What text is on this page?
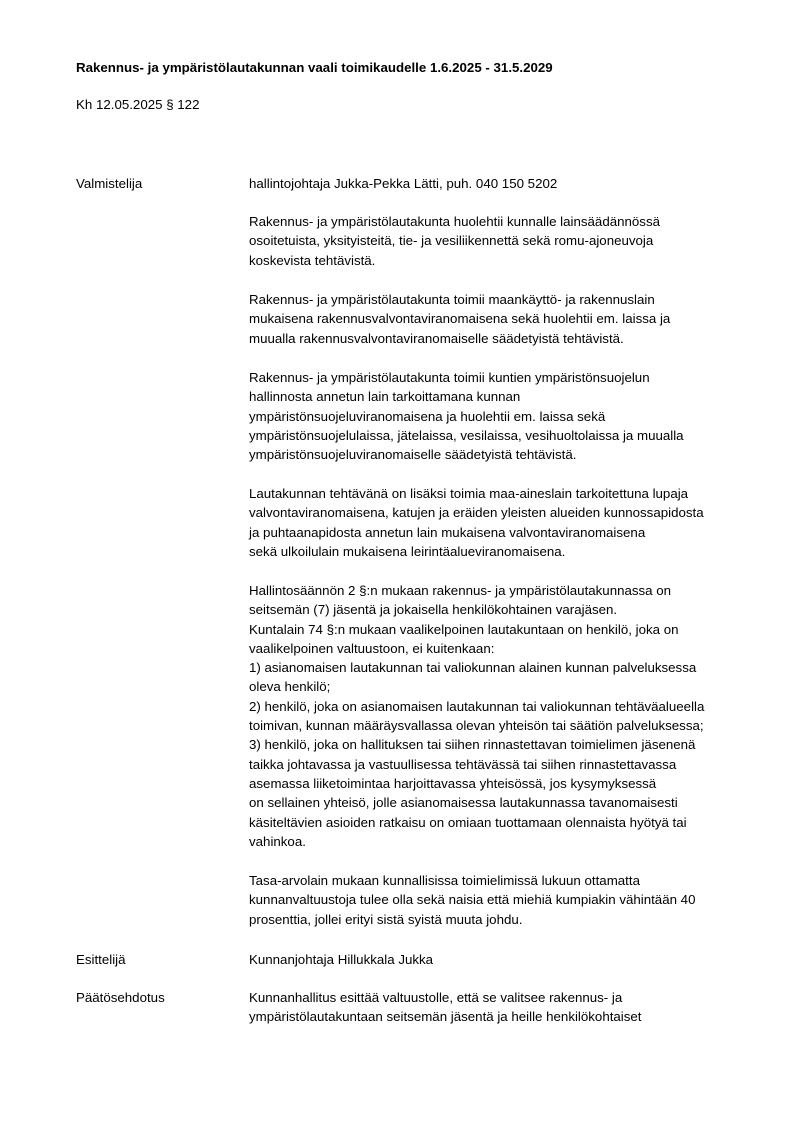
Rakennus- ja ympäristölautakunnan vaali toimikaudelle 1.6.2025 - 31.5.2029
Kh 12.05.2025 § 122
Valmistelija	hallintojohtaja Jukka-Pekka Lätti, puh. 040 150 5202
Rakennus- ja ympäristölautakunta huolehtii kunnalle lainsäädännössä
osoitetuista, yksityisteitä, tie- ja vesiliikennettä sekä romu-ajoneuvoja
koskevista tehtävistä.
Rakennus- ja ympäristölautakunta toimii maankäyttö- ja rakennuslain
mukaisena rakennusvalvontaviranomaisena sekä huolehtii em. laissa ja
muualla rakennusvalvontaviranomaiselle säädetyistä tehtävistä.
Rakennus- ja ympäristölautakunta toimii kuntien ympäristönsuojelun
hallinnosta annetun lain tarkoittamana kunnan
ympäristönsuojeluviranomaisena ja huolehtii em. laissa sekä
ympäristönsuojelulaissa, jätelaissa, vesilaissa, vesihuoltolaissa ja muualla
ympäristönsuojeluviranomaiselle säädetyistä tehtävistä.
Lautakunnan tehtävänä on lisäksi toimia maa-aineslain tarkoitettuna lupaja
valvontaviranomaisena, katujen ja eräiden yleisten alueiden kunnossapidosta
ja puhtaanapidosta annetun lain mukaisena valvontaviranomaisena
sekä ulkoilulain mukaisena leirintäalueviranomaisena.
Hallintosäännön 2 §:n mukaan rakennus- ja ympäristölautakunnassa on
seitsemän (7) jäsentä ja jokaisella henkilökohtainen varajäsen.
Kuntalain 74 §:n mukaan vaalikelpoinen lautakuntaan on henkilö, joka on
vaalikelpoinen valtuustoon, ei kuitenkaan:
1) asianomaisen lautakunnan tai valiokunnan alainen kunnan palveluksessa
oleva henkilö;
2) henkilö, joka on asianomaisen lautakunnan tai valiokunnan tehtäväalueella
toimivan, kunnan määräysvallassa olevan yhteisön tai säätiön palveluksessa;
3) henkilö, joka on hallituksen tai siihen rinnastettavan toimielimen jäsenenä
taikka johtavassa ja vastuullisessa tehtävässä tai siihen rinnastettavassa
asemassa liiketoimintaa harjoittavassa yhteisössä, jos kysymyksessä
on sellainen yhteisö, jolle asianomaisessa lautakunnassa tavanomaisesti
käsiteltävien asioiden ratkaisu on omiaan tuottamaan olennaista hyötyä tai
vahinkoa.
Tasa-arvolain mukaan kunnallisissa toimielimissä lukuun ottamatta
kunnanvaltuustoja tulee olla sekä naisia että miehiä kumpiakin vähintään 40
prosenttia, jollei erityi sistä syistä muuta johdu.
Esittelijä	Kunnanjohtaja Hillukkala Jukka
Päätösehdotus	Kunnanhallitus esittää valtuustolle, että se valitsee rakennus- ja
ympäristölautakuntaan seitsemän jäsentä ja heille henkilökohtaiset
